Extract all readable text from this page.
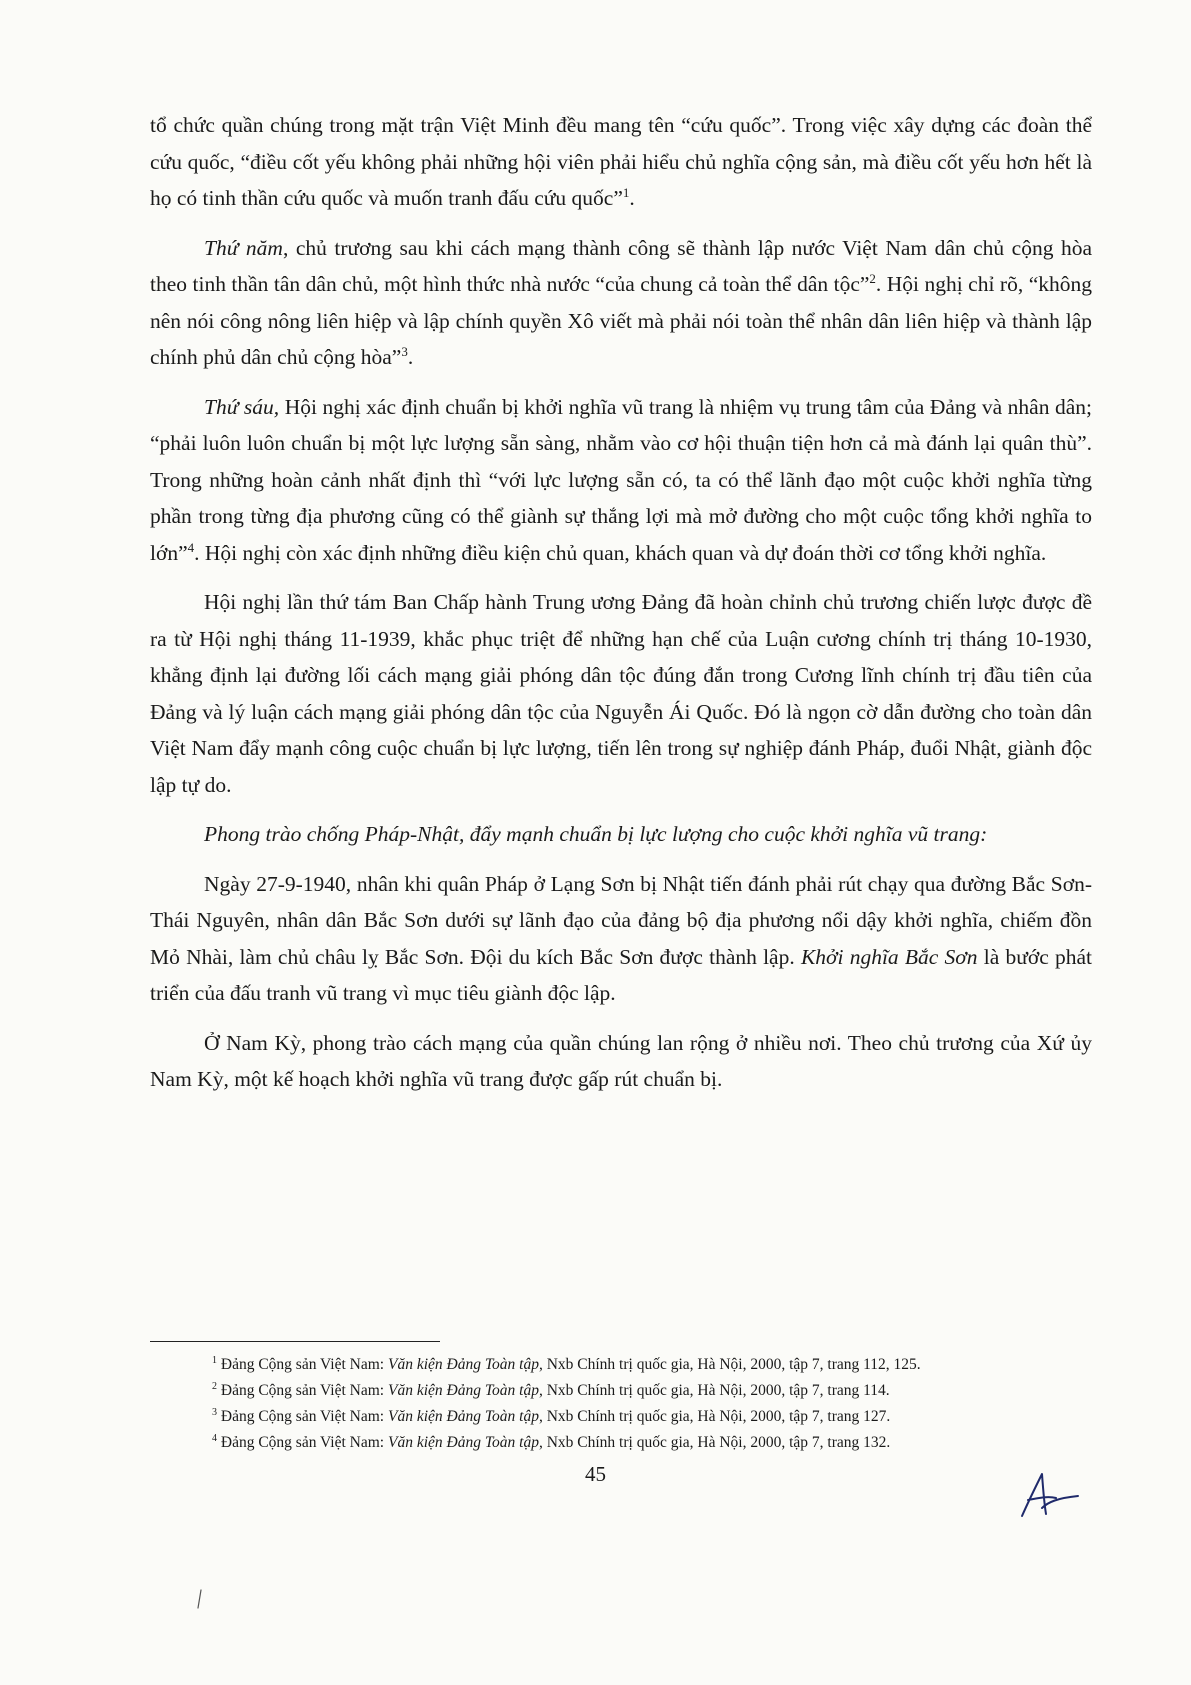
tổ chức quần chúng trong mặt trận Việt Minh đều mang tên “cứu quốc”. Trong việc xây dựng các đoàn thể cứu quốc, “điều cốt yếu không phải những hội viên phải hiểu chủ nghĩa cộng sản, mà điều cốt yếu hơn hết là họ có tinh thần cứu quốc và muốn tranh đấu cứu quốc”$^1$.

Thứ năm, chủ trương sau khi cách mạng thành công sẽ thành lập nước Việt Nam dân chủ cộng hòa theo tinh thần tân dân chủ, một hình thức nhà nước “của chung cả toàn thể dân tộc”$^2$. Hội nghị chỉ rõ, “không nên nói công nông liên hiệp và lập chính quyền Xô viết mà phải nói toàn thể nhân dân liên hiệp và thành lập chính phủ dân chủ cộng hòa”$^3$.

Thứ sáu, Hội nghị xác định chuẩn bị khởi nghĩa vũ trang là nhiệm vụ trung tâm của Đảng và nhân dân; “phải luôn luôn chuẩn bị một lực lượng sẵn sàng, nhằm vào cơ hội thuận tiện hơn cả mà đánh lại quân thù”. Trong những hoàn cảnh nhất định thì “với lực lượng sẵn có, ta có thể lãnh đạo một cuộc khởi nghĩa từng phần trong từng địa phương cũng có thể giành sự thắng lợi mà mở đường cho một cuộc tổng khởi nghĩa to lớn”$^4$. Hội nghị còn xác định những điều kiện chủ quan, khách quan và dự đoán thời cơ tổng khởi nghĩa.

Hội nghị lần thứ tám Ban Chấp hành Trung ương Đảng đã hoàn chỉnh chủ trương chiến lược được đề ra từ Hội nghị tháng 11-1939, khắc phục triệt để những hạn chế của Luận cương chính trị tháng 10-1930, khẳng định lại đường lối cách mạng giải phóng dân tộc đúng đắn trong Cương lĩnh chính trị đầu tiên của Đảng và lý luận cách mạng giải phóng dân tộc của Nguyễn Ái Quốc. Đó là ngọn cờ dẫn đường cho toàn dân Việt Nam đẩy mạnh công cuộc chuẩn bị lực lượng, tiến lên trong sự nghiệp đánh Pháp, đuổi Nhật, giành độc lập tự do.

Phong trào chống Pháp-Nhật, đẩy mạnh chuẩn bị lực lượng cho cuộc khởi nghĩa vũ trang:

Ngày 27-9-1940, nhân khi quân Pháp ở Lạng Sơn bị Nhật tiến đánh phải rút chạy qua đường Bắc Sơn-Thái Nguyên, nhân dân Bắc Sơn dưới sự lãnh đạo của đảng bộ địa phương nổi dậy khởi nghĩa, chiếm đồn Mỏ Nhài, làm chủ châu lỵ Bắc Sơn. Đội du kích Bắc Sơn được thành lập. Khởi nghĩa Bắc Sơn là bước phát triển của đấu tranh vũ trang vì mục tiêu giành độc lập.

Ở Nam Kỳ, phong trào cách mạng của quần chúng lan rộng ở nhiều nơi. Theo chủ trương của Xứ ủy Nam Kỳ, một kế hoạch khởi nghĩa vũ trang được gấp rút chuẩn bị.

$^1$ Đảng Cộng sản Việt Nam: Văn kiện Đảng Toàn tập, Nxb Chính trị quốc gia, Hà Nội, 2000, tập 7, trang 112, 125.

$^2$ Đảng Cộng sản Việt Nam: Văn kiện Đảng Toàn tập, Nxb Chính trị quốc gia, Hà Nội, 2000, tập 7, trang 114.

$^3$ Đảng Cộng sản Việt Nam: Văn kiện Đảng Toàn tập, Nxb Chính trị quốc gia, Hà Nội, 2000, tập 7, trang 127.

$^4$ Đảng Cộng sản Việt Nam: Văn kiện Đảng Toàn tập, Nxb Chính trị quốc gia, Hà Nội, 2000, tập 7, trang 132.

45
